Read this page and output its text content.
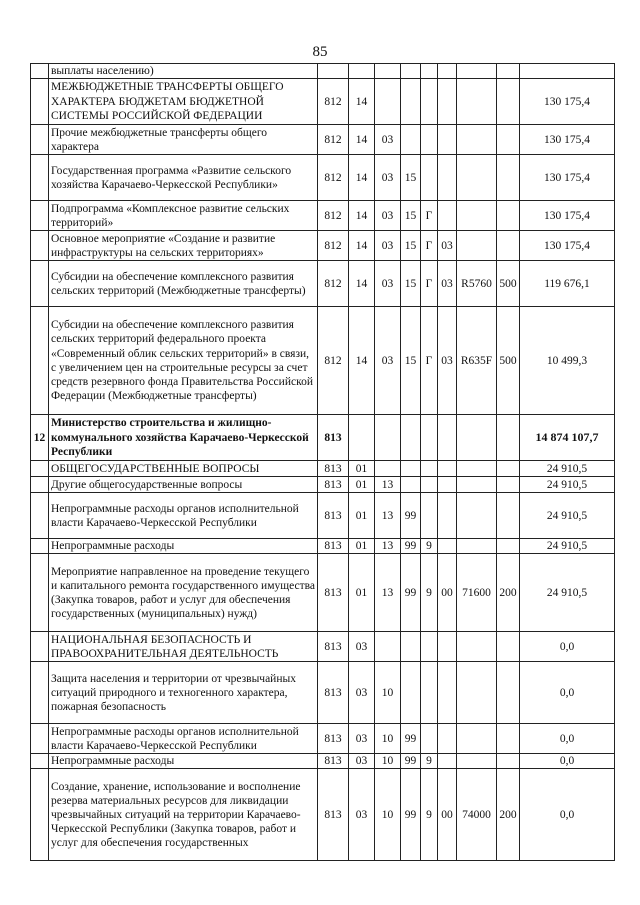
85
	выплаты населению)									
	МЕЖБЮДЖЕТНЫЕ ТРАНСФЕРТЫ ОБЩЕГО ХАРАКТЕРА БЮДЖЕТАМ БЮДЖЕТНОЙ СИСТЕМЫ РОССИЙСКОЙ ФЕДЕРАЦИИ	812	14							130 175,4
	Прочие межбюджетные трансферты общего характера	812	14	03						130 175,4
	Государственная программа «Развитие сельского хозяйства Карачаево-Черкесской Республики»	812	14	03	15					130 175,4
	Подпрограмма «Комплексное развитие сельских территорий»	812	14	03	15	Г				130 175,4
	Основное мероприятие «Создание и развитие инфраструктуры на сельских территориях»	812	14	03	15	Г	03			130 175,4
	Субсидии на обеспечение комплексного развития сельских территорий (Межбюджетные трансферты)	812	14	03	15	Г	03	R5760	500	119 676,1
	Субсидии на обеспечение комплексного развития сельских территорий федерального проекта «Современный облик сельских территорий» в связи, с увеличением цен на строительные ресурсы за счет средств резервного фонда Правительства Российской Федерации (Межбюджетные трансферты)	812	14	03	15	Г	03	R635F	500	10 499,3
12	Министерство строительства и жилищно-коммунального хозяйства Карачаево-Черкесской Республики	813								14 874 107,7
	ОБЩЕГОСУДАРСТВЕННЫЕ ВОПРОСЫ	813	01							24 910,5
	Другие общегосударственные вопросы	813	01	13						24 910,5
	Непрограммные расходы органов исполнительной власти Карачаево-Черкесской Республики	813	01	13	99					24 910,5
	Непрограммные расходы	813	01	13	99	9				24 910,5
	Мероприятие направленное на проведение текущего и капитального ремонта государственного имущества (Закупка товаров, работ и услуг для обеспечения государственных (муниципальных) нужд)	813	01	13	99	9	00	71600	200	24 910,5
	НАЦИОНАЛЬНАЯ БЕЗОПАСНОСТЬ И ПРАВООХРАНИТЕЛЬНАЯ ДЕЯТЕЛЬНОСТЬ	813	03							0,0
	Защита населения и территории от чрезвычайных ситуаций природного и техногенного характера, пожарная безопасность	813	03	10						0,0
	Непрограммные расходы органов исполнительной власти Карачаево-Черкесской Республики	813	03	10	99					0,0
	Непрограммные расходы	813	03	10	99	9				0,0
	Создание, хранение, использование и восполнение резерва материальных ресурсов для ликвидации чрезвычайных ситуаций на территории Карачаево-Черкесской Республики (Закупка товаров, работ и услуг для обеспечения государственных	813	03	10	99	9	00	74000	200	0,0
